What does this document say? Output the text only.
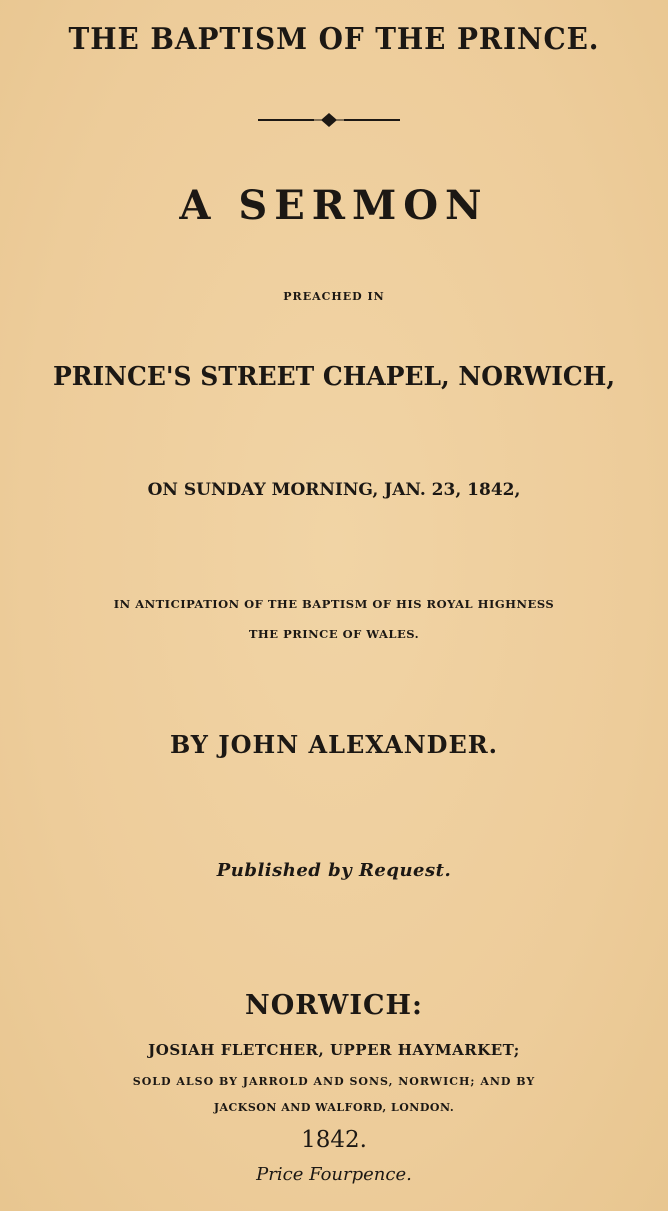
THE BAPTISM OF THE PRINCE.
A SERMON
PREACHED IN
PRINCE'S STREET CHAPEL, NORWICH,
ON SUNDAY MORNING, JAN. 23, 1842,
IN ANTICIPATION OF THE BAPTISM OF HIS ROYAL HIGHNESS
THE PRINCE OF WALES.
BY JOHN ALEXANDER.
Published by Request.
NORWICH:
JOSIAH FLETCHER, UPPER HAYMARKET;
SOLD ALSO BY JARROLD AND SONS, NORWICH; AND BY
JACKSON AND WALFORD, LONDON.
1842.
Price Fourpence.
